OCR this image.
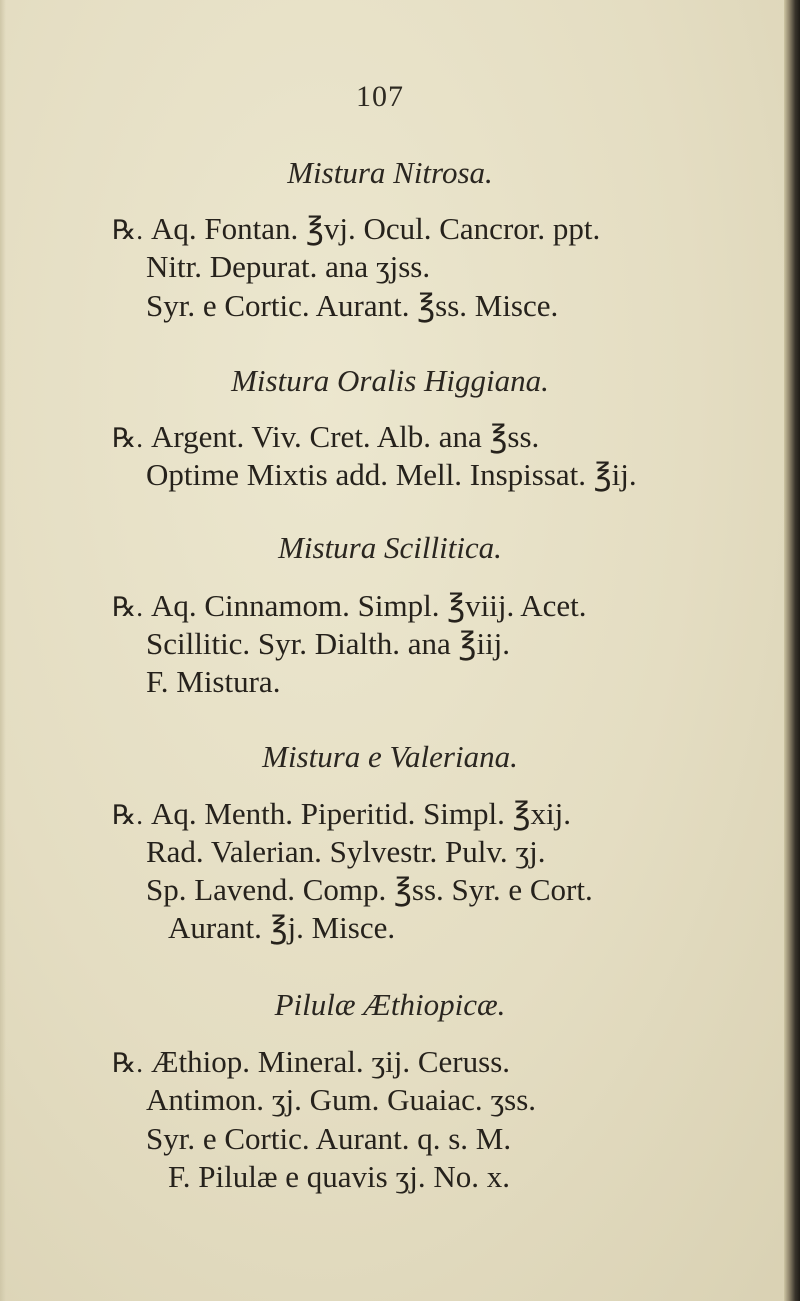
107
Mistura Nitrosa.
℞. Aq. Fontan. ℥vj. Ocul. Cancror. ppt.
Nitr. Depurat. ana ʒjss.
Syr. e Cortic. Aurant. ℥ss. Misce.
Mistura Oralis Higgiana.
℞. Argent. Viv. Cret. Alb. ana ℥ss.
Optime Mixtis add. Mell. Inspissat. ℥ij.
Mistura Scillitica.
℞. Aq. Cinnamom. Simpl. ℥viij. Acet.
Scillitic. Syr. Dialth. ana ℥iij.
F. Mistura.
Mistura e Valeriana.
℞. Aq. Menth. Piperitid. Simpl. ℥xij.
Rad. Valerian. Sylvestr. Pulv. ʒj.
Sp. Lavend. Comp. ℥ss. Syr. e Cort.
Aurant. ℥j. Misce.
Pilulæ Æthiopicæ.
℞. Æthiop. Mineral. ʒij. Ceruss.
Antimon. ʒj. Gum. Guaiac. ʒss.
Syr. e Cortic. Aurant. q. s. M.
F. Pilulæ e quavis ʒj. No. x.
